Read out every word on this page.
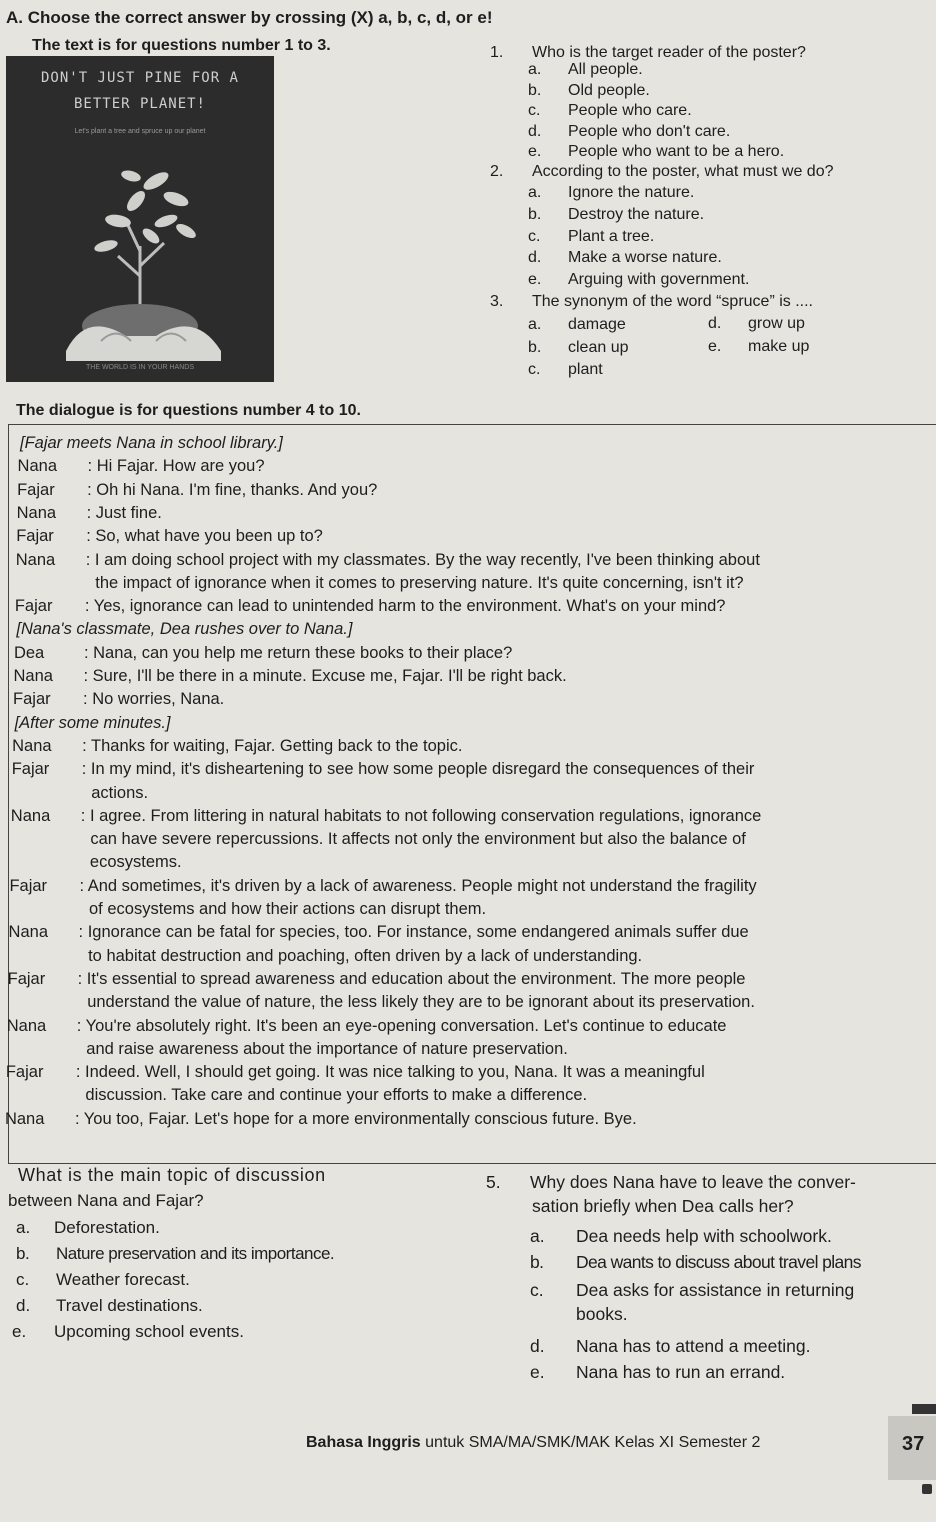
A. Choose the correct answer by crossing (X) a, b, c, d, or e!
The text is for questions number 1 to 3.
DON'T JUST PINE FOR A
BETTER PLANET!
Let's plant a tree and spruce up our planet
THE WORLD IS IN YOUR HANDS
1. Who is the target reader of the poster?
a. All people.
b. Old people.
c. People who care.
d. People who don't care.
e. People who want to be a hero.
2. According to the poster, what must we do?
a. Ignore the nature.
b. Destroy the nature.
c. Plant a tree.
d. Make a worse nature.
e. Arguing with government.
3. The synonym of the word “spruce” is ....
a. damage
b. clean up
c. plant
d. grow up
e. make up
The dialogue is for questions number 4 to 10.
[Fajar meets Nana in school library.]
Nana : Hi Fajar. How are you?
Fajar : Oh hi Nana. I'm fine, thanks. And you?
Nana : Just fine.
Fajar : So, what have you been up to?
Nana : I am doing school project with my classmates. By the way recently, I've been thinking about
the impact of ignorance when it comes to preserving nature. It's quite concerning, isn't it?
Fajar : Yes, ignorance can lead to unintended harm to the environment. What's on your mind?
[Nana's classmate, Dea rushes over to Nana.]
Dea : Nana, can you help me return these books to their place?
Nana : Sure, I'll be there in a minute. Excuse me, Fajar. I'll be right back.
Fajar : No worries, Nana.
[After some minutes.]
Nana : Thanks for waiting, Fajar. Getting back to the topic.
Fajar : In my mind, it's disheartening to see how some people disregard the consequences of their
actions.
Nana : I agree. From littering in natural habitats to not following conservation regulations, ignorance
can have severe repercussions. It affects not only the environment but also the balance of
ecosystems.
Fajar : And sometimes, it's driven by a lack of awareness. People might not understand the fragility
of ecosystems and how their actions can disrupt them.
Nana : Ignorance can be fatal for species, too. For instance, some endangered animals suffer due
to habitat destruction and poaching, often driven by a lack of understanding.
Fajar : It's essential to spread awareness and education about the environment. The more people
understand the value of nature, the less likely they are to be ignorant about its preservation.
Nana : You're absolutely right. It's been an eye-opening conversation. Let's continue to educate
and raise awareness about the importance of nature preservation.
Fajar : Indeed. Well, I should get going. It was nice talking to you, Nana. It was a meaningful
discussion. Take care and continue your efforts to make a difference.
Nana : You too, Fajar. Let's hope for a more environmentally conscious future. Bye.
What is the main topic of discussion
between Nana and Fajar?
a. Deforestation.
b. Nature preservation and its importance.
c. Weather forecast.
d. Travel destinations.
e. Upcoming school events.
5. Why does Nana have to leave the conver-
sation briefly when Dea calls her?
a. Dea needs help with schoolwork.
b. Dea wants to discuss about travel plans
c. Dea asks for assistance in returning
books.
d. Nana has to attend a meeting.
e. Nana has to run an errand.
Bahasa Inggris untuk SMA/MA/SMK/MAK Kelas XI Semester 2	37
